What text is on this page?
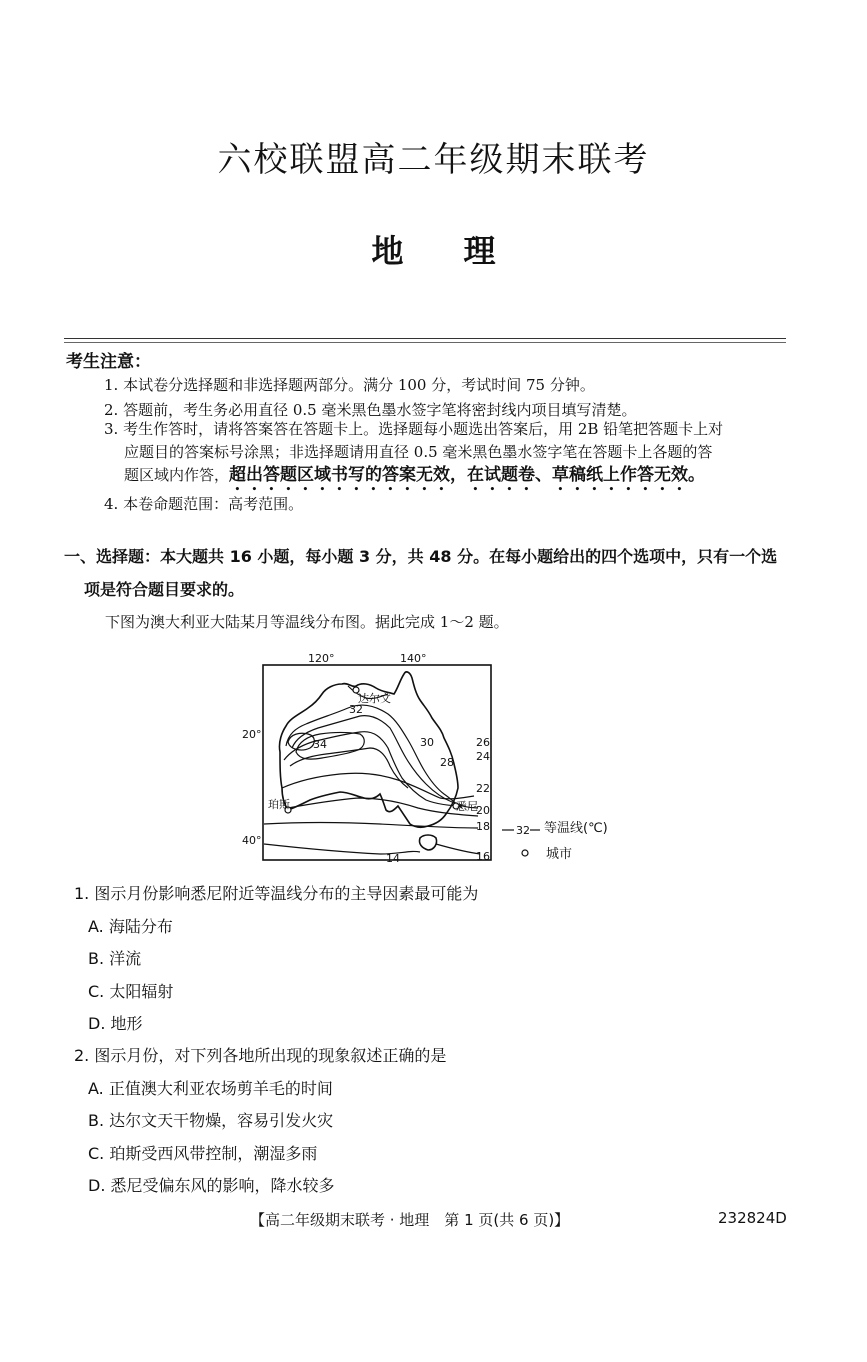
六校联盟高二年级期末联考
地理
考生注意：
1. 本试卷分选择题和非选择题两部分。满分 100 分，考试时间 75 分钟。
2. 答题前，考生务必用直径 0.5 毫米黑色墨水签字笔将密封线内项目填写清楚。
3. 考生作答时，请将答案答在答题卡上。选择题每小题选出答案后，用 2B 铅笔把答题卡上对
应题目的答案标号涂黑；非选择题请用直径 0.5 毫米黑色墨水签字笔在答题卡上各题的答
题区域内作答，超出答题区域书写的答案无效，在试题卷、草稿纸上作答无效。
4. 本卷命题范围：高考范围。
一、选择题：本大题共 16 小题，每小题 3 分，共 48 分。在每小题给出的四个选项中，只有一个选
项是符合题目要求的。
下图为澳大利亚大陆某月等温线分布图。据此完成 1～2 题。
120°	140°
20°
40°
达尔文
珀斯	悉尼
32
34	30
28
26
24
22
20
18
16
14
32 等温线(℃)
城市
1. 图示月份影响悉尼附近等温线分布的主导因素最可能为
A. 海陆分布
B. 洋流
C. 太阳辐射
D. 地形
2. 图示月份，对下列各地所出现的现象叙述正确的是
A. 正值澳大利亚农场剪羊毛的时间
B. 达尔文天干物燥，容易引发火灾
C. 珀斯受西风带控制，潮湿多雨
D. 悉尼受偏东风的影响，降水较多
【高二年级期末联考 · 地理　第 1 页(共 6 页)】	232824D
